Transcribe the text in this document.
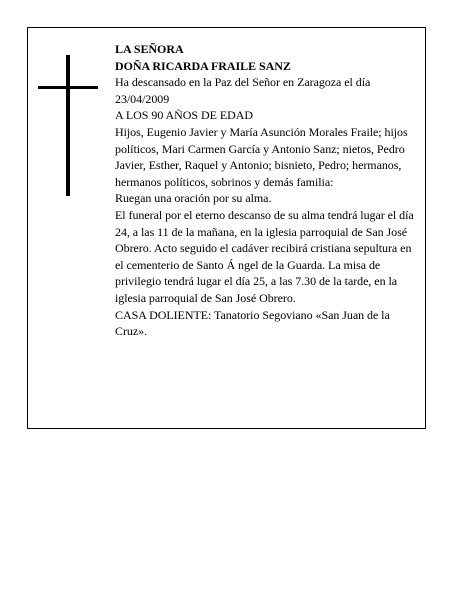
LA SEÑORA

DOÑA RICARDA FRAILE SANZ

Ha descansado en la Paz del Señor en Zaragoza el día 23/04/2009

A LOS 90 AÑOS DE EDAD

Hijos, Eugenio Javier y María Asunción Morales Fraile; hijos políticos, Mari Carmen García y Antonio Sanz; nietos, Pedro Javier, Esther, Raquel y Antonio; bisnieto, Pedro; hermanos, hermanos políticos, sobrinos y demás familia:

Ruegan una oración por su alma.

El funeral por el eterno descanso de su alma tendrá lugar el día 24, a las 11 de la mañana, en la iglesia parroquial de San José Obrero. Acto seguido el cadáver recibirá cristiana sepultura en el cementerio de Santo Á ngel de la Guarda. La misa de privilegio tendrá lugar el día 25, a las 7.30 de la tarde, en la iglesia parroquial de San José Obrero.

CASA DOLIENTE: Tanatorio Segoviano «San Juan de la Cruz».
